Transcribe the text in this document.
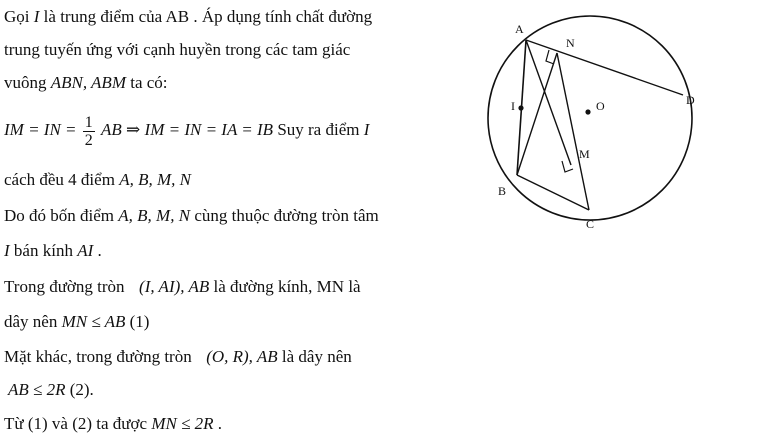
Gọi I là trung điểm của AB . Áp dụng tính chất đường
trung tuyến ứng với cạnh huyền trong các tam giác
vuông ABN, ABM ta có:
IM = IN = $\frac{1}{2}$ AB ⇒ IM = IN = IA = IB Suy ra điểm I
cách đều 4 điểm A, B, M, N
Do đó bốn điểm A, B, M, N cùng thuộc đường tròn tâm
I bán kính AI .
Trong đường tròn (I, AI), AB là đường kính, MN là
dây nên MN ≤ AB (1)
Mặt khác, trong đường tròn (O, R), AB là dây nên
AB ≤ 2R (2).
Từ (1) và (2) ta được MN ≤ 2R .
A
N
D
O
I
M
B
C
